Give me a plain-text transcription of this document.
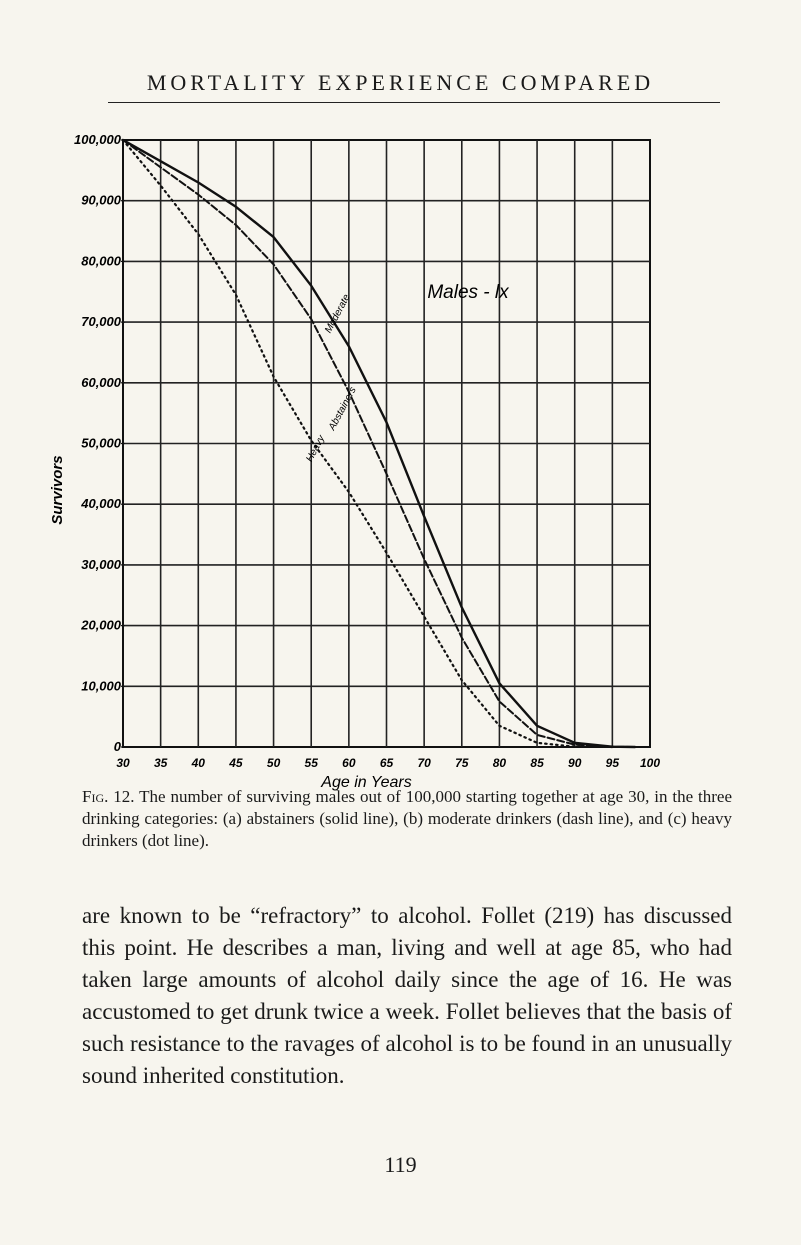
MORTALITY EXPERIENCE COMPARED
30 35 40 45 50 55 60 65 70 75 80 85 90 95 100
100,000
90,000
80,000
70,000
60,000
50,000
40,000
30,000
20,000
10,000
0
Abstainers
Moderate
Heavy
Males - lx
Age in Years
Survivors
Fig. 12. The number of surviving males out of 100,000 starting together at age 30, in the three drinking categories: (a) abstainers (solid line), (b) moderate drinkers (dash line), and (c) heavy drinkers (dot line).
are known to be “refractory” to alcohol. Follet (219) has discussed this point. He describes a man, living and well at age 85, who had taken large amounts of alcohol daily since the age of 16. He was accustomed to get drunk twice a week. Follet believes that the basis of such resistance to the ravages of alcohol is to be found in an unusually sound inherited constitution.
119
